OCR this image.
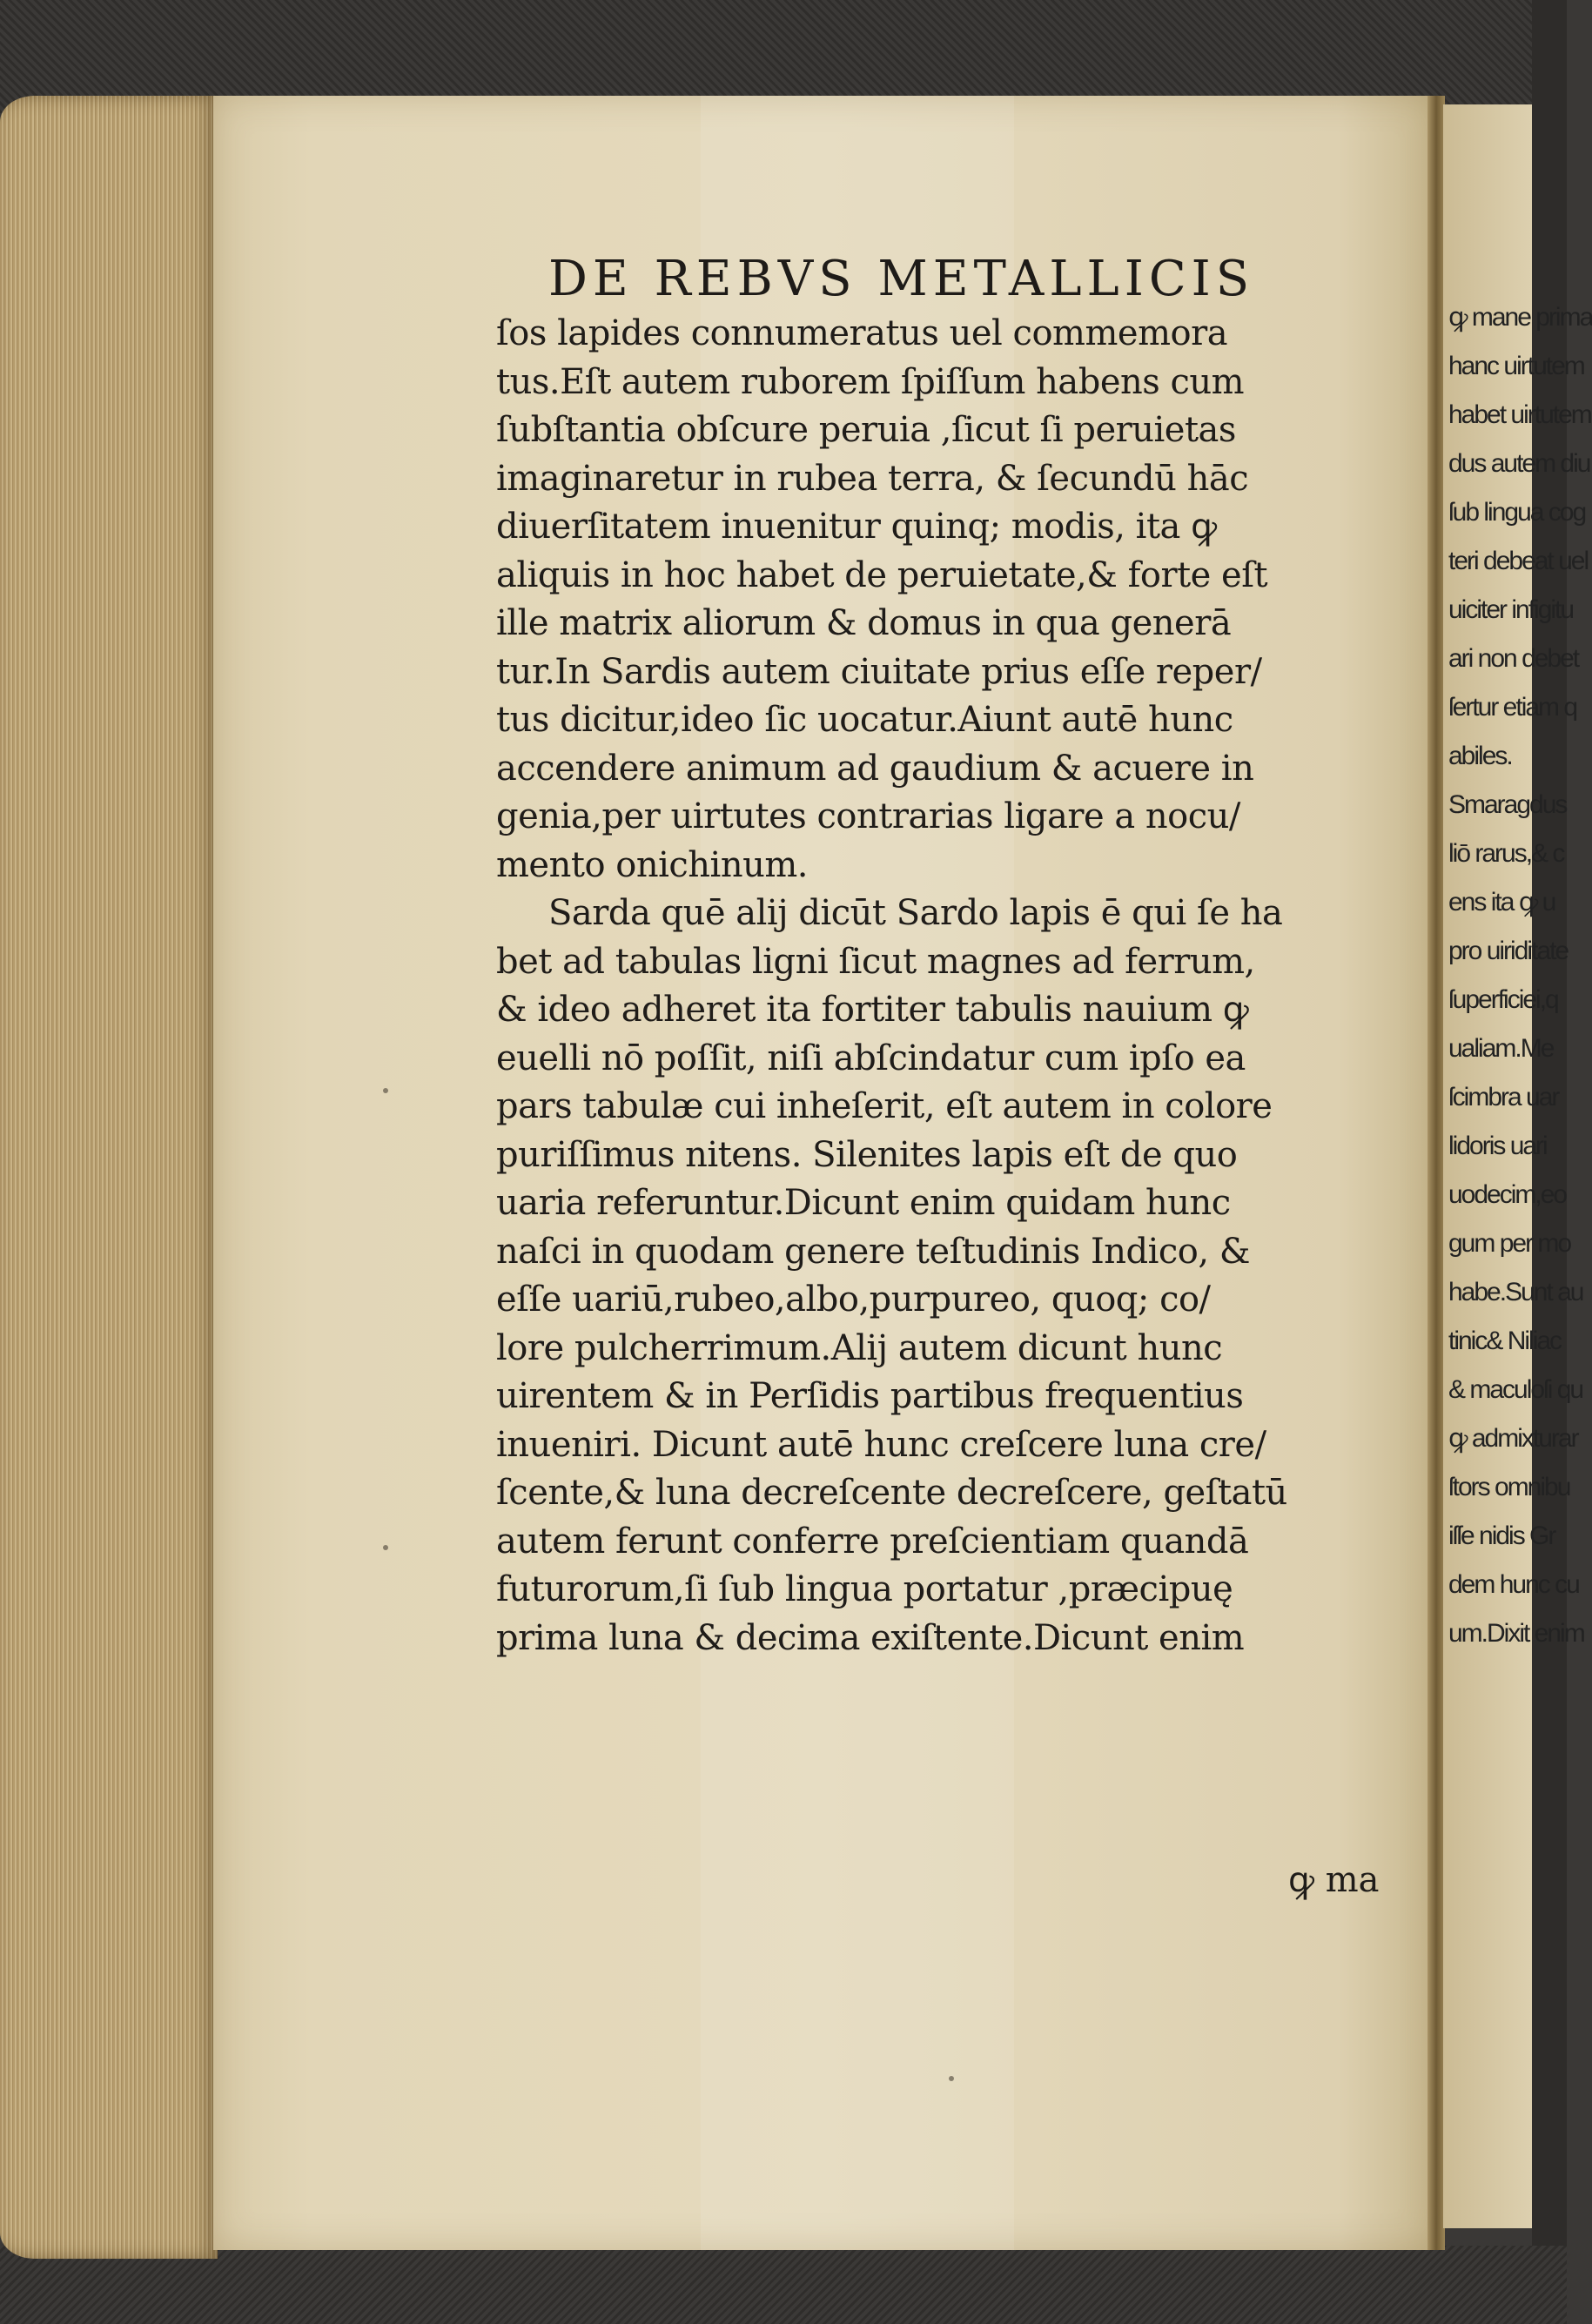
ꝙ mane prima
hanc uirtutem
habet uirtutem
dus autem diu
ſub lingua cog
teri debeat uel
uiciter infigitu
ari non debet
ſertur etiam q
abiles.
Smaragdus
liō rarus,& c
ens ita ꝙ u
pro uiriditate
ſuperficiei,q
ualiam.Me
ſcimbra uar
lidoris uari
uodecim,eo
gum per mo
habe.Sunt au
tinic& Niliac
& maculoſi qu
ꝙ admixturar
ſtors omnibu
iſſe nidis Gr
dem hunc cu
um.Dixit enim
DE REBVS METALLICIS
ſos lapides connumeratus uel commemora
tus.Eſt autem ruborem ſpiſſum habens cum
ſubſtantia obſcure peruia ,ſicut ſi peruietas
imaginaretur in rubea terra, & ſecundū hāc
diuerſitatem inuenitur quinq; modis, ita ꝙ
aliquis in hoc habet de peruietate,& forte eſt
ille matrix aliorum & domus in qua generā
tur.In Sardis autem ciuitate prius eſſe reper/
tus dicitur,ideo ſic uocatur.Aiunt autē hunc
accendere animum ad gaudium & acuere in
genia,per uirtutes contrarias ligare a nocu/
mento onichinum.
Sarda quē alij dicūt Sardo lapis ē qui ſe ha
bet ad tabulas ligni ſicut magnes ad ferrum,
& ideo adheret ita fortiter tabulis nauium ꝙ
euelli nō poſſit, niſi abſcindatur cum ipſo ea
pars tabulæ cui inheſerit, eſt autem in colore
puriſſimus nitens. Silenites lapis eſt de quo
uaria referuntur.Dicunt enim quidam hunc
naſci in quodam genere teſtudinis Indico, &
eſſe uariū,rubeo,albo,purpureo, quoq; co/
lore pulcherrimum.Alij autem dicunt hunc
uirentem & in Perſidis partibus frequentius
inueniri. Dicunt autē hunc creſcere luna cre/
ſcente,& luna decreſcente decreſcere, geſtatū
autem ferunt conferre preſcientiam quandā
futurorum,ſi ſub lingua portatur ,præcipuę
prima luna & decima exiſtente.Dicunt enim
ꝙ ma
